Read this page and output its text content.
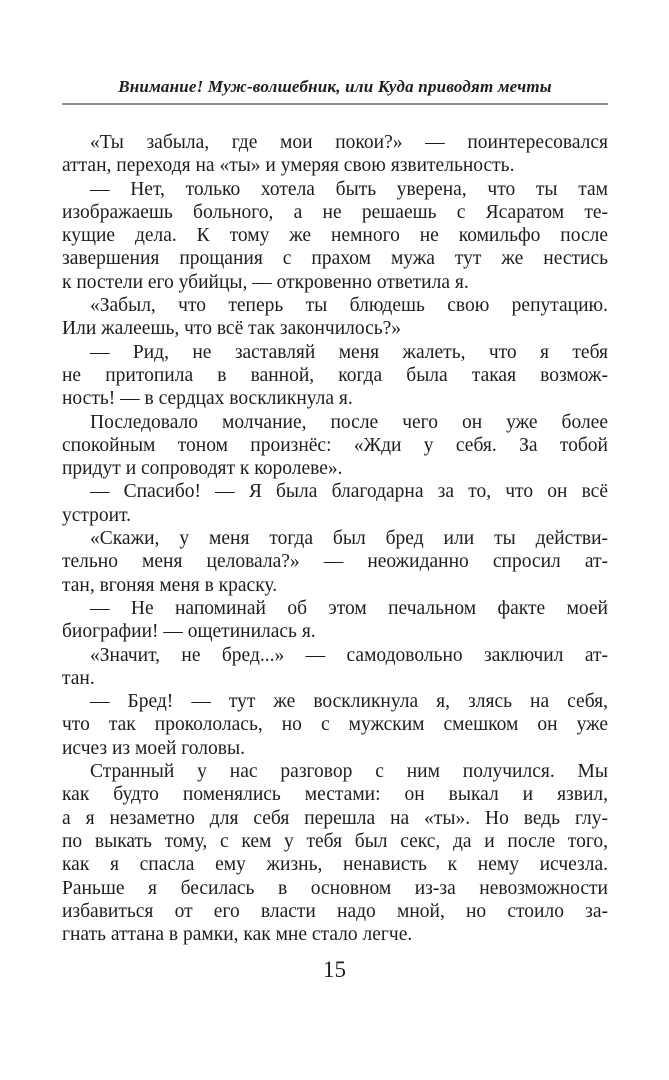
Внимание! Муж-волшебник, или Куда приводят мечты

«Ты забыла, где мои покои?» — поинтересовался
аттан, переходя на «ты» и умеряя свою язвительность.

— Нет, только хотела быть уверена, что ты там
изображаешь больного, а не решаешь с Ясаратом те-
кущие дела. К тому же немного не комильфо после
завершения прощания с прахом мужа тут же нестись
к постели его убийцы, — откровенно ответила я.

«Забыл, что теперь ты блюдешь свою репутацию.
Или жалеешь, что всё так закончилось?»

— Рид, не заставляй меня жалеть, что я тебя
не притопила в ванной, когда была такая возмож-
ность! — в сердцах воскликнула я.

Последовало молчание, после чего он уже более
спокойным тоном произнёс: «Жди у себя. За тобой
придут и сопроводят к королеве».

— Спасибо! — Я была благодарна за то, что он всё
устроит.

«Скажи, у меня тогда был бред или ты действи-
тельно меня целовала?» — неожиданно спросил ат-
тан, вгоняя меня в краску.

— Не напоминай об этом печальном факте моей
биографии! — ощетинилась я.

«Значит, не бред...» — самодовольно заключил ат-
тан.

— Бред! — тут же воскликнула я, злясь на себя,
что так прокололась, но с мужским смешком он уже
исчез из моей головы.

Странный у нас разговор с ним получился. Мы
как будто поменялись местами: он выкал и язвил,
а я незаметно для себя перешла на «ты». Но ведь глу-
по выкать тому, с кем у тебя был секс, да и после того,
как я спасла ему жизнь, ненависть к нему исчезла.
Раньше я бесилась в основном из-за невозможности
избавиться от его власти надо мной, но стоило за-
гнать аттана в рамки, как мне стало легче.

15
